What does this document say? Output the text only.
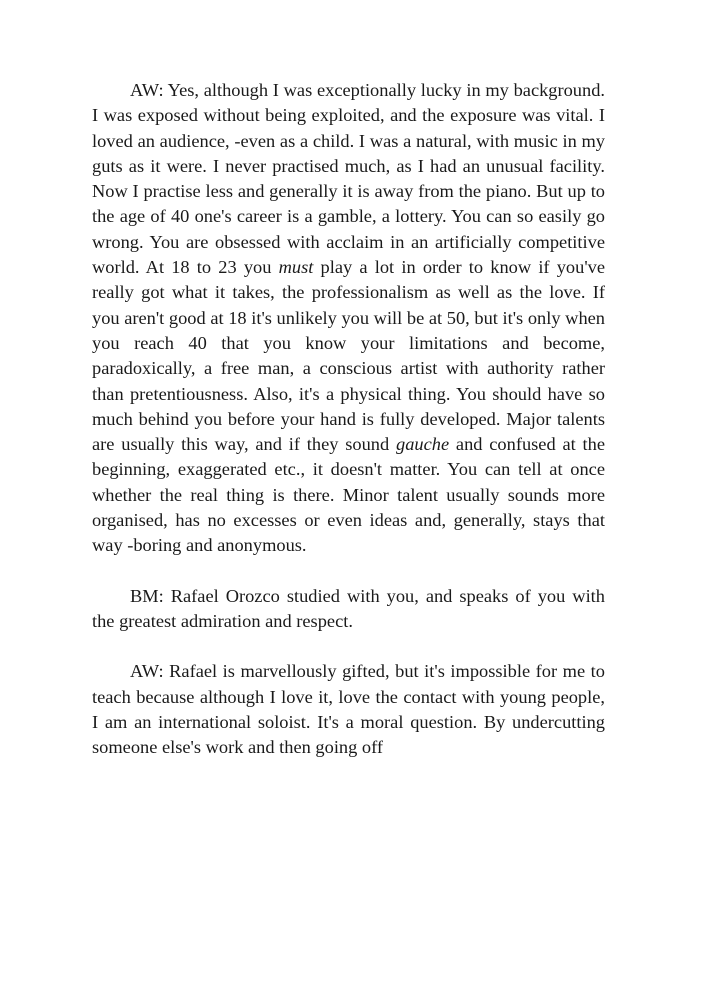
AW: Yes, although I was exceptionally lucky in my background. I was exposed without being exploited, and the exposure was vital. I loved an audience, -even as a child. I was a natural, with music in my guts as it were. I never practised much, as I had an unusual facility. Now I practise less and generally it is away from the piano. But up to the age of 40 one's career is a gamble, a lottery. You can so easily go wrong. You are obsessed with acclaim in an artificially competitive world. At 18 to 23 you must play a lot in order to know if you've really got what it takes, the professionalism as well as the love. If you aren't good at 18 it's unlikely you will be at 50, but it's only when you reach 40 that you know your limitations and become, paradoxically, a free man, a conscious artist with authority rather than pretentiousness. Also, it's a physical thing. You should have so much behind you before your hand is fully developed. Major talents are usually this way, and if they sound gauche and confused at the beginning, exaggerated etc., it doesn't matter. You can tell at once whether the real thing is there. Minor talent usually sounds more organised, has no excesses or even ideas and, generally, stays that way -boring and anonymous.

BM: Rafael Orozco studied with you, and speaks of you with the greatest admiration and respect.

AW: Rafael is marvellously gifted, but it's impossible for me to teach because although I love it, love the contact with young people, I am an international soloist. It's a moral question. By undercutting someone else's work and then going off
